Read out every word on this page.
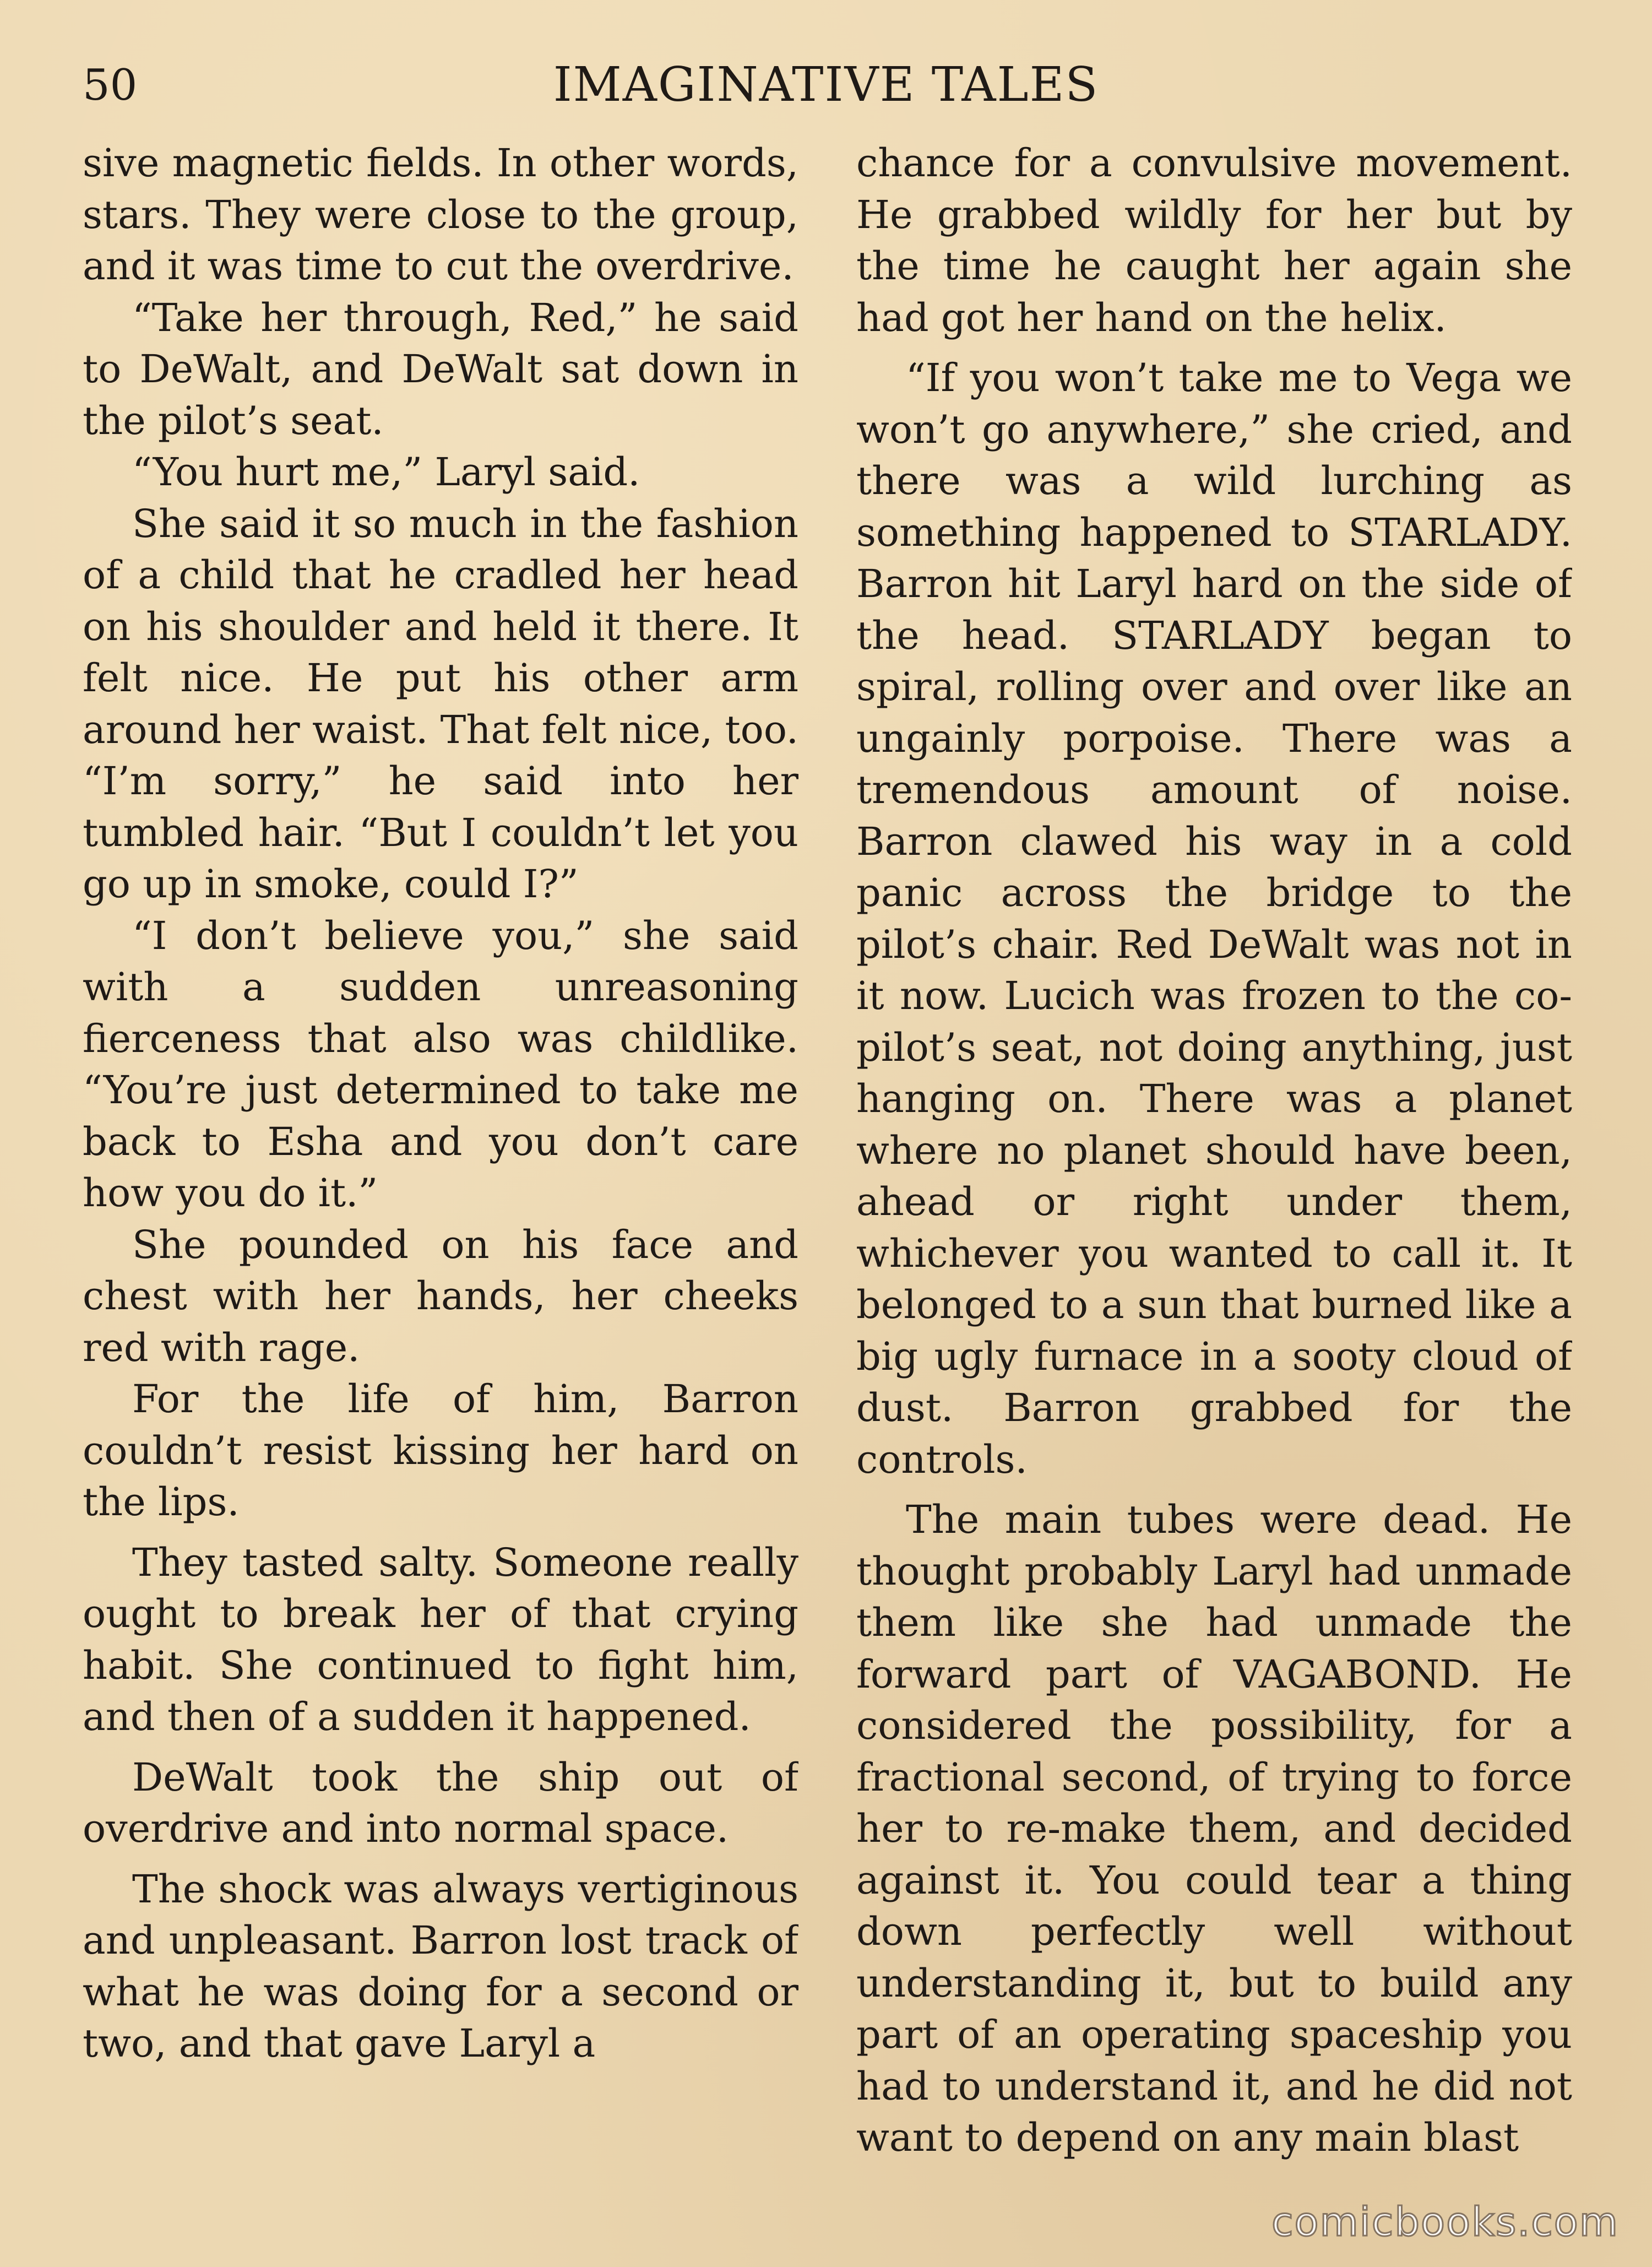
50	IMAGINATIVE TALES

sive magnetic fields. In other words, stars. They were close to the group, and it was time to cut the overdrive.

“Take her through, Red,” he said to DeWalt, and DeWalt sat down in the pilot’s seat.

“You hurt me,” Laryl said.

She said it so much in the fashion of a child that he cradled her head on his shoulder and held it there. It felt nice. He put his other arm around her waist. That felt nice, too. “I’m sorry,” he said into her tumbled hair. “But I couldn’t let you go up in smoke, could I?”

“I don’t believe you,” she said with a sudden unreasoning fierceness that also was childlike. “You’re just determined to take me back to Esha and you don’t care how you do it.”

She pounded on his face and chest with her hands, her cheeks red with rage.

For the life of him, Barron couldn’t resist kissing her hard on the lips.

They tasted salty. Someone really ought to break her of that crying habit. She continued to fight him, and then of a sudden it happened.

DeWalt took the ship out of overdrive and into normal space.

The shock was always vertiginous and unpleasant. Barron lost track of what he was doing for a second or two, and that gave Laryl a

chance for a convulsive movement. He grabbed wildly for her but by the time he caught her again she had got her hand on the helix.

“If you won’t take me to Vega we won’t go anywhere,” she cried, and there was a wild lurching as something happened to STARLADY. Barron hit Laryl hard on the side of the head. STARLADY began to spiral, rolling over and over like an ungainly porpoise. There was a tremendous amount of noise. Barron clawed his way in a cold panic across the bridge to the pilot’s chair. Red DeWalt was not in it now. Lucich was frozen to the co-pilot’s seat, not doing anything, just hanging on. There was a planet where no planet should have been, ahead or right under them, whichever you wanted to call it. It belonged to a sun that burned like a big ugly furnace in a sooty cloud of dust. Barron grabbed for the controls.

The main tubes were dead. He thought probably Laryl had unmade them like she had unmade the forward part of VAGABOND. He considered the possibility, for a fractional second, of trying to force her to re-make them, and decided against it. You could tear a thing down perfectly well without understanding it, but to build any part of an operating spaceship you had to understand it, and he did not want to depend on any main blast

comicbooks.com
